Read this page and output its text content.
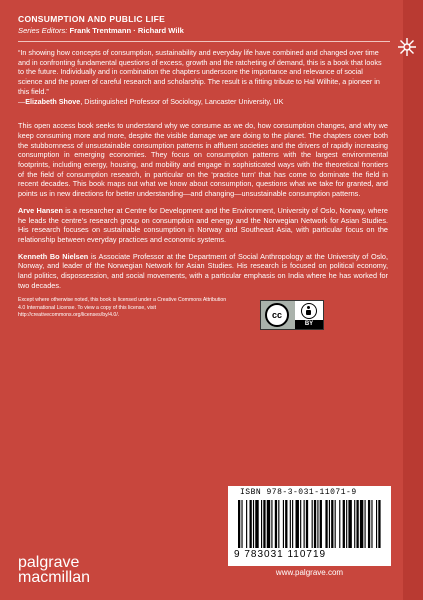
CONSUMPTION AND PUBLIC LIFE
Series Editors: Frank Trentmann · Richard Wilk
“In showing how concepts of consumption, sustainability and everyday life have combined and changed over time and in confronting fundamental questions of excess, growth and the ratcheting of demand, this is a book that looks to the future. Individually and in combination the chapters underscore the importance and relevance of social science and the power of careful research and scholarship. The result is a fitting tribute to Hal Wilhite, a pioneer in this field.”
—Elizabeth Shove, Distinguished Professor of Sociology, Lancaster University, UK
This open access book seeks to understand why we consume as we do, how consumption changes, and why we keep consuming more and more, despite the visible damage we are doing to the planet. The chapters cover both the stubbornness of unsustainable consumption patterns in affluent societies and the drivers of rapidly increasing consumption in emerging economies. They focus on consumption patterns with the largest environmental footprints, including energy, housing, and mobility and engage in sophisticated ways with the theoretical frontiers of the field of consumption research, in particular on the ‘practice turn’ that has come to dominate the field in recent decades. This book maps out what we know about consumption, questions what we take for granted, and points us in new directions for better understanding—and changing—unsustainable consumption patterns.
Arve Hansen is a researcher at Centre for Development and the Environment, University of Oslo, Norway, where he leads the centre’s research group on consumption and energy and the Norwegian Network for Asian Studies. His research focuses on sustainable consumption in Norway and Southeast Asia, with particular focus on the relationship between everyday practices and economic systems.
Kenneth Bo Nielsen is Associate Professor at the Department of Social Anthropology at the University of Oslo, Norway, and leader of the Norwegian Network for Asian Studies. His research is focused on political economy, land politics, dispossession, and social movements, with a particular emphasis on India where he has worked for two decades.
Except where otherwise noted, this book is licensed under a Creative Commons Attribution 4.0 International License. To view a copy of this license, visit http://creativecommons.org/licenses/by/4.0/.	cc
BY
ISBN 978-3-031-11071-9
9 783031 110719
palgrave
macmillan	www.palgrave.com
